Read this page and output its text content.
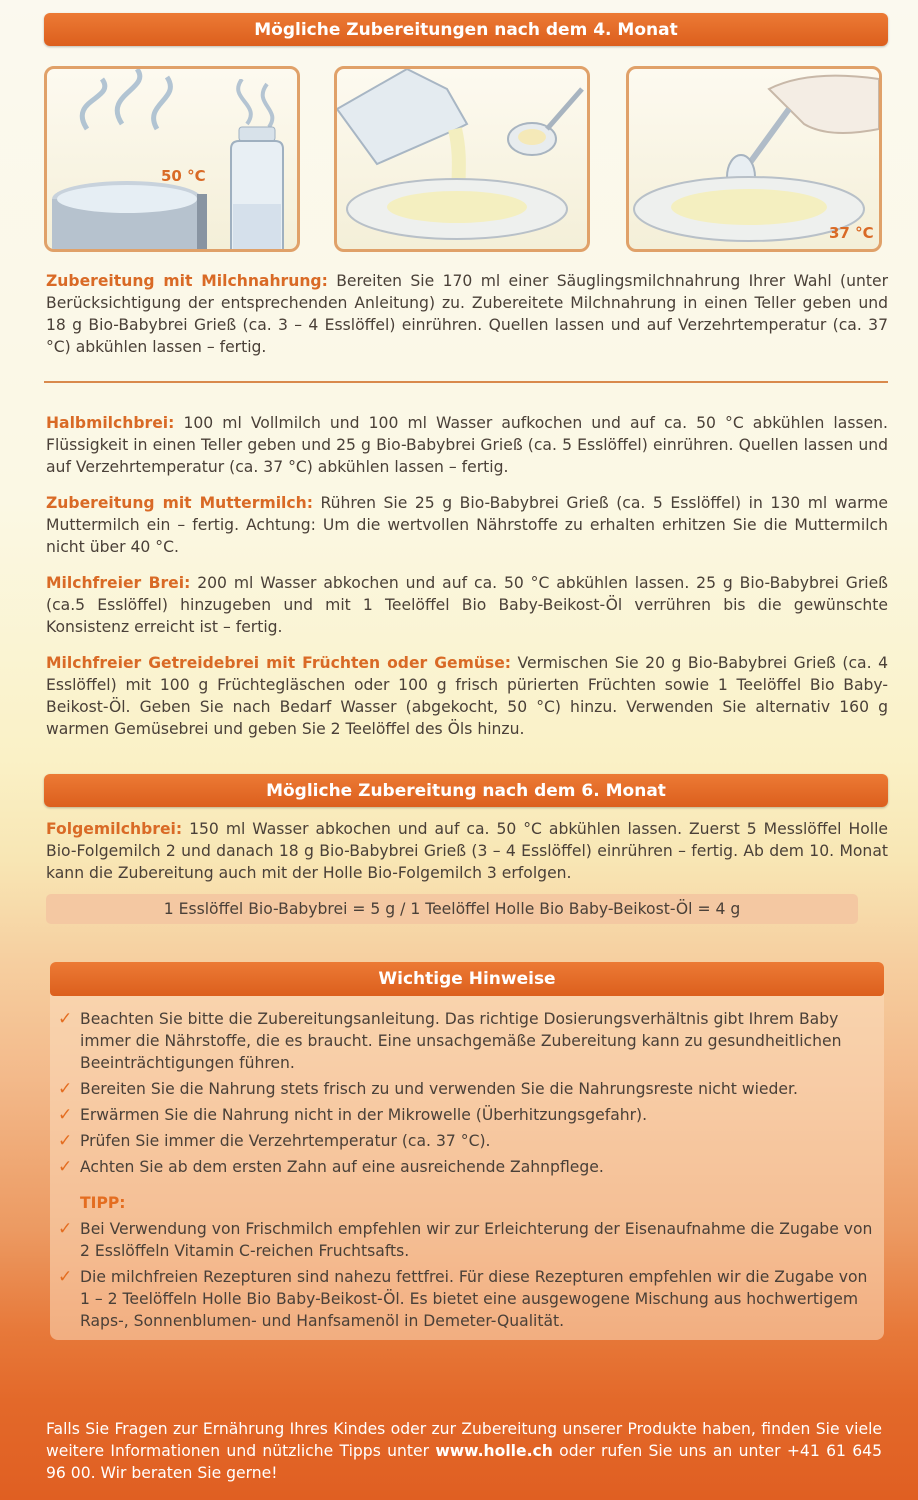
Mögliche Zubereitungen nach dem 4. Monat
50 °C
37 °C

Zubereitung mit Milchnahrung: Bereiten Sie 170 ml einer Säuglingsmilchnahrung Ihrer Wahl (unter Berücksichtigung der entsprechenden Anleitung) zu. Zubereitete Milchnahrung in einen Teller geben und 18 g Bio-Babybrei Grieß (ca. 3 – 4 Esslöffel) einrühren. Quellen lassen und auf Verzehrtemperatur (ca. 37 °C) abkühlen lassen – fertig.

Halbmilchbrei: 100 ml Vollmilch und 100 ml Wasser aufkochen und auf ca. 50 °C abkühlen lassen. Flüssigkeit in einen Teller geben und 25 g Bio-Babybrei Grieß (ca. 5 Esslöffel) einrühren. Quellen lassen und auf Verzehrtemperatur (ca. 37 °C) abkühlen lassen – fertig.

Zubereitung mit Muttermilch: Rühren Sie 25 g Bio-Babybrei Grieß (ca. 5 Esslöffel) in 130 ml warme Muttermilch ein – fertig. Achtung: Um die wertvollen Nährstoffe zu erhalten erhitzen Sie die Muttermilch nicht über 40 °C.

Milchfreier Brei: 200 ml Wasser abkochen und auf ca. 50 °C abkühlen lassen. 25 g Bio-Babybrei Grieß (ca.5 Esslöffel) hinzugeben und mit 1 Teelöffel Bio Baby-Beikost-Öl verrühren bis die gewünschte Konsistenz erreicht ist – fertig.

Milchfreier Getreidebrei mit Früchten oder Gemüse: Vermischen Sie 20 g Bio-Babybrei Grieß (ca. 4 Esslöffel) mit 100 g Früchtegläschen oder 100 g frisch pürierten Früchten sowie 1 Teelöffel Bio Baby-Beikost-Öl. Geben Sie nach Bedarf Wasser (abgekocht, 50 °C) hinzu. Verwenden Sie alternativ 160 g warmen Gemüsebrei und geben Sie 2 Teelöffel des Öls hinzu.

Mögliche Zubereitung nach dem 6. Monat

Folgemilchbrei: 150 ml Wasser abkochen und auf ca. 50 °C abkühlen lassen. Zuerst 5 Messlöffel Holle Bio-Folgemilch 2 und danach 18 g Bio-Babybrei Grieß (3 – 4 Esslöffel) einrühren – fertig. Ab dem 10. Monat kann die Zubereitung auch mit der Holle Bio-Folgemilch 3 erfolgen.

1 Esslöffel Bio-Babybrei = 5 g / 1 Teelöffel Holle Bio Baby-Beikost-Öl = 4 g
Wichtige Hinweise
✓ Beachten Sie bitte die Zubereitungsanleitung. Das richtige Dosierungsverhältnis gibt Ihrem Baby immer die Nährstoffe, die es braucht. Eine unsachgemäße Zubereitung kann zu gesundheitlichen Beeinträchtigungen führen.
✓ Bereiten Sie die Nahrung stets frisch zu und verwenden Sie die Nahrungsreste nicht wieder.
✓ Erwärmen Sie die Nahrung nicht in der Mikrowelle (Überhitzungsgefahr).
✓ Prüfen Sie immer die Verzehrtemperatur (ca. 37 °C).
✓ Achten Sie ab dem ersten Zahn auf eine ausreichende Zahnpflege.
TIPP:
✓ Bei Verwendung von Frischmilch empfehlen wir zur Erleichterung der Eisenaufnahme die Zugabe von 2 Esslöffeln Vitamin C-reichen Fruchtsafts.
✓ Die milchfreien Rezepturen sind nahezu fettfrei. Für diese Rezepturen empfehlen wir die Zugabe von 1 – 2 Teelöffeln Holle Bio Baby-Beikost-Öl. Es bietet eine ausgewogene Mischung aus hochwertigem Raps-, Sonnenblumen- und Hanfsamenöl in Demeter-Qualität.

Falls Sie Fragen zur Ernährung Ihres Kindes oder zur Zubereitung unserer Produkte haben, finden Sie viele weitere Informationen und nützliche Tipps unter www.holle.ch oder rufen Sie uns an unter +41 61 645 96 00. Wir beraten Sie gerne!
